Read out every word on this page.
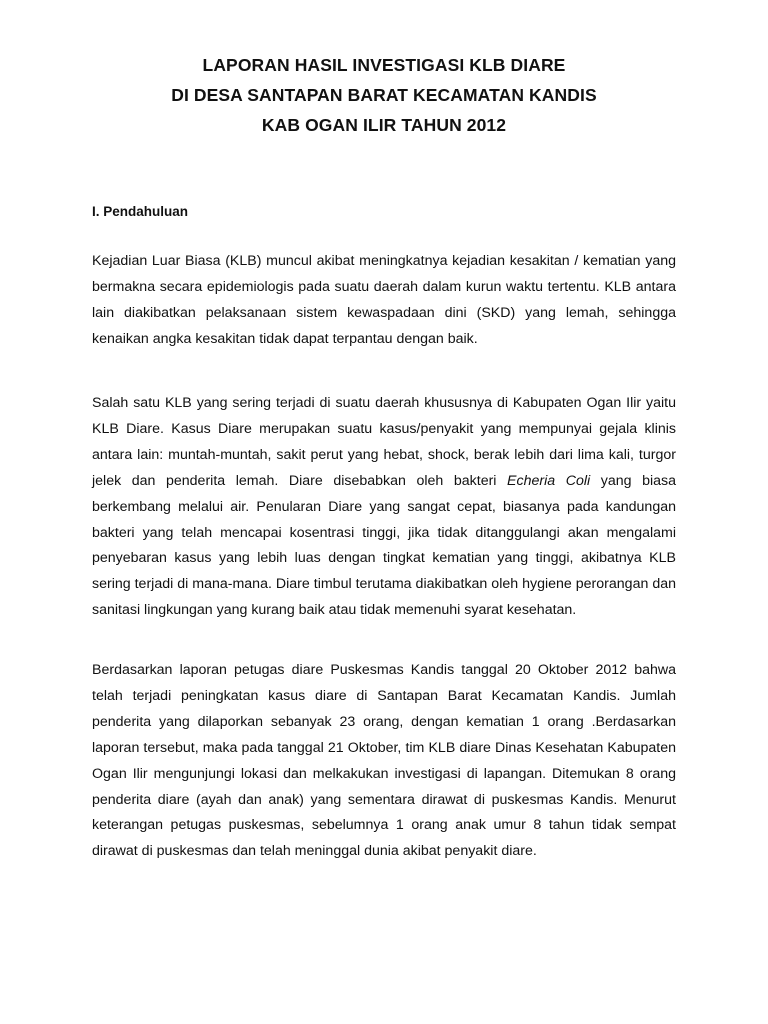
LAPORAN HASIL INVESTIGASI KLB DIARE

DI DESA SANTAPAN BARAT KECAMATAN KANDIS

KAB OGAN ILIR TAHUN 2012

I. Pendahuluan

Kejadian Luar Biasa (KLB) muncul akibat meningkatnya kejadian kesakitan / kematian yang bermakna secara epidemiologis pada suatu daerah dalam kurun waktu tertentu. KLB antara lain diakibatkan pelaksanaan sistem kewaspadaan dini (SKD) yang lemah, sehingga kenaikan angka kesakitan tidak dapat terpantau dengan baik.

Salah satu KLB yang sering terjadi di suatu daerah khususnya di Kabupaten Ogan Ilir yaitu KLB Diare. Kasus Diare merupakan suatu kasus/penyakit yang mempunyai gejala klinis antara lain: muntah-muntah, sakit perut yang hebat, shock, berak lebih dari lima kali, turgor jelek dan penderita lemah. Diare disebabkan oleh bakteri Echeria Coli yang biasa berkembang melalui air. Penularan Diare yang sangat cepat, biasanya pada kandungan bakteri yang telah mencapai kosentrasi tinggi, jika tidak ditanggulangi akan mengalami penyebaran kasus yang lebih luas dengan tingkat kematian yang tinggi, akibatnya KLB sering terjadi di mana-mana. Diare timbul terutama diakibatkan oleh hygiene perorangan dan sanitasi lingkungan yang kurang baik atau tidak memenuhi syarat kesehatan.

Berdasarkan laporan petugas diare Puskesmas Kandis tanggal 20 Oktober 2012 bahwa telah terjadi peningkatan kasus diare di Santapan Barat Kecamatan Kandis. Jumlah penderita yang dilaporkan sebanyak 23 orang, dengan kematian 1 orang .Berdasarkan laporan tersebut, maka pada tanggal 21 Oktober, tim KLB diare Dinas Kesehatan Kabupaten Ogan Ilir mengunjungi lokasi dan melkakukan investigasi di lapangan. Ditemukan 8 orang penderita diare (ayah dan anak) yang sementara dirawat di puskesmas Kandis. Menurut keterangan petugas puskesmas, sebelumnya 1 orang anak umur 8 tahun tidak sempat dirawat di puskesmas dan telah meninggal dunia akibat penyakit diare.
